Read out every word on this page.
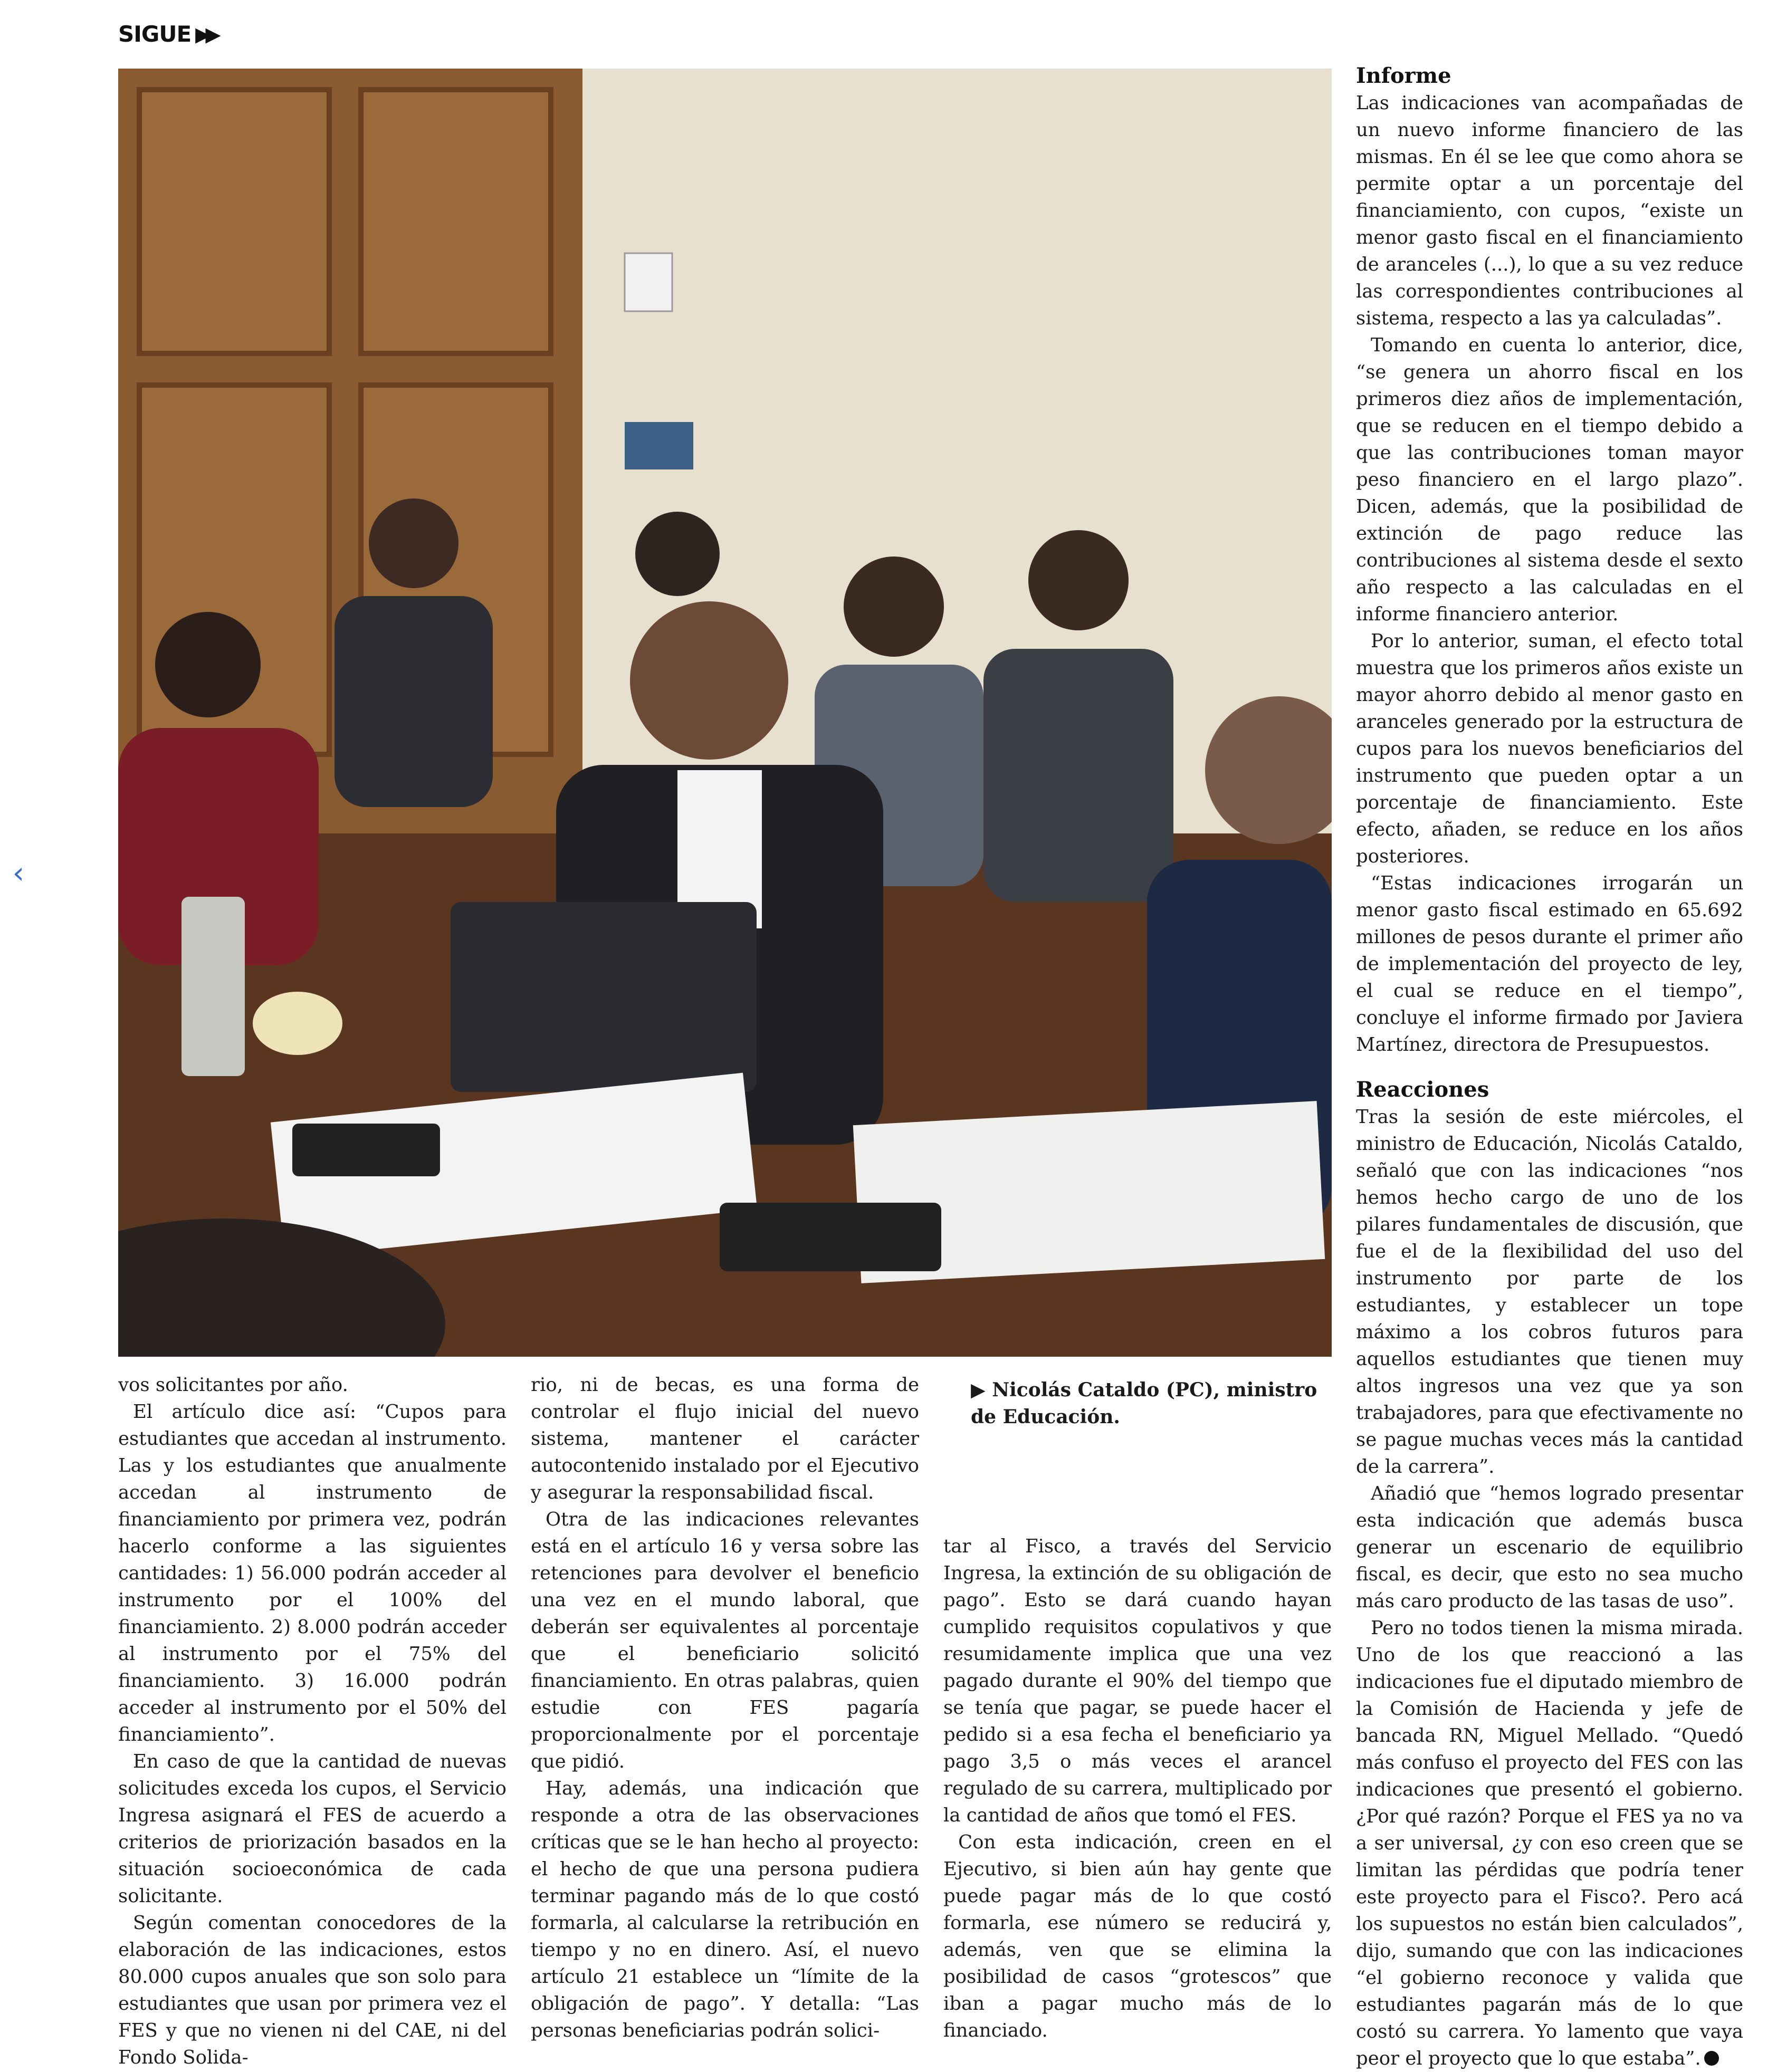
SIGUE ▶▶
‹

vos solicitantes por año.

El artículo dice así: “Cupos para estudiantes que accedan al instrumento. Las y los estudiantes que anualmente accedan al instrumento de financiamiento por primera vez, podrán hacerlo conforme a las siguientes cantidades: 1) 56.000 podrán acceder al instrumento por el 100% del financiamiento. 2) 8.000 podrán acceder al instrumento por el 75% del financiamiento. 3) 16.000 podrán acceder al instrumento por el 50% del financiamiento”.

En caso de que la cantidad de nuevas solicitudes exceda los cupos, el Servicio Ingresa asignará el FES de acuerdo a criterios de priorización basados en la situación socioeconómica de cada solicitante.

Según comentan conocedores de la elaboración de las indicaciones, estos 80.000 cupos anuales que son solo para estudiantes que usan por primera vez el FES y que no vienen ni del CAE, ni del Fondo Solida-

rio, ni de becas, es una forma de controlar el flujo inicial del nuevo sistema, mantener el carácter autocontenido instalado por el Ejecutivo y asegurar la responsabilidad fiscal.

Otra de las indicaciones relevantes está en el artículo 16 y versa sobre las retenciones para devolver el beneficio una vez en el mundo laboral, que deberán ser equivalentes al porcentaje que el beneficiario solicitó financiamiento. En otras palabras, quien estudie con FES pagaría proporcionalmente por el porcentaje que pidió.

Hay, además, una indicación que responde a otra de las observaciones críticas que se le han hecho al proyecto: el hecho de que una persona pudiera terminar pagando más de lo que costó formarla, al calcularse la retribución en tiempo y no en dinero. Así, el nuevo artículo 21 establece un “límite de la obligación de pago”. Y detalla: “Las personas beneficiarias podrán solici-

▶ Nicolás Cataldo (PC), ministro de Educación.

tar al Fisco, a través del Servicio Ingresa, la extinción de su obligación de pago”. Esto se dará cuando hayan cumplido requisitos copulativos y que resumidamente implica que una vez pagado durante el 90% del tiempo que se tenía que pagar, se puede hacer el pedido si a esa fecha el beneficiario ya pago 3,5 o más veces el arancel regulado de su carrera, multiplicado por la cantidad de años que tomó el FES.

Con esta indicación, creen en el Ejecutivo, si bien aún hay gente que puede pagar más de lo que costó formarla, ese número se reducirá y, además, ven que se elimina la posibilidad de casos “grotescos” que iban a pagar mucho más de lo financiado.

Informe

Las indicaciones van acompañadas de un nuevo informe financiero de las mismas. En él se lee que como ahora se permite optar a un porcentaje del financiamiento, con cupos, “existe un menor gasto fiscal en el financiamiento de aranceles (...), lo que a su vez reduce las correspondientes contribuciones al sistema, respecto a las ya calculadas”.

Tomando en cuenta lo anterior, dice, “se genera un ahorro fiscal en los primeros diez años de implementación, que se reducen en el tiempo debido a que las contribuciones toman mayor peso financiero en el largo plazo”. Dicen, además, que la posibilidad de extinción de pago reduce las contribuciones al sistema desde el sexto año respecto a las calculadas en el informe financiero anterior.

Por lo anterior, suman, el efecto total muestra que los primeros años existe un mayor ahorro debido al menor gasto en aranceles generado por la estructura de cupos para los nuevos beneficiarios del instrumento que pueden optar a un porcentaje de financiamiento. Este efecto, añaden, se reduce en los años posteriores.

“Estas indicaciones irrogarán un menor gasto fiscal estimado en 65.692 millones de pesos durante el primer año de implementación del proyecto de ley, el cual se reduce en el tiempo”, concluye el informe firmado por Javiera Martínez, directora de Presupuestos.

Reacciones

Tras la sesión de este miércoles, el ministro de Educación, Nicolás Cataldo, señaló que con las indicaciones “nos hemos hecho cargo de uno de los pilares fundamentales de discusión, que fue el de la flexibilidad del uso del instrumento por parte de los estudiantes, y establecer un tope máximo a los cobros futuros para aquellos estudiantes que tienen muy altos ingresos una vez que ya son trabajadores, para que efectivamente no se pague muchas veces más la cantidad de la carrera”.

Añadió que “hemos logrado presentar esta indicación que además busca generar un escenario de equilibrio fiscal, es decir, que esto no sea mucho más caro producto de las tasas de uso”.

Pero no todos tienen la misma mirada. Uno de los que reaccionó a las indicaciones fue el diputado miembro de la Comisión de Hacienda y jefe de bancada RN, Miguel Mellado. “Quedó más confuso el proyecto del FES con las indicaciones que presentó el gobierno. ¿Por qué razón? Porque el FES ya no va a ser universal, ¿y con eso creen que se limitan las pérdidas que podría tener este proyecto para el Fisco?. Pero acá los supuestos no están bien calculados”, dijo, sumando que con las indicaciones “el gobierno reconoce y valida que estudiantes pagarán más de lo que costó su carrera. Yo lamento que vaya peor el proyecto que lo que estaba”.
